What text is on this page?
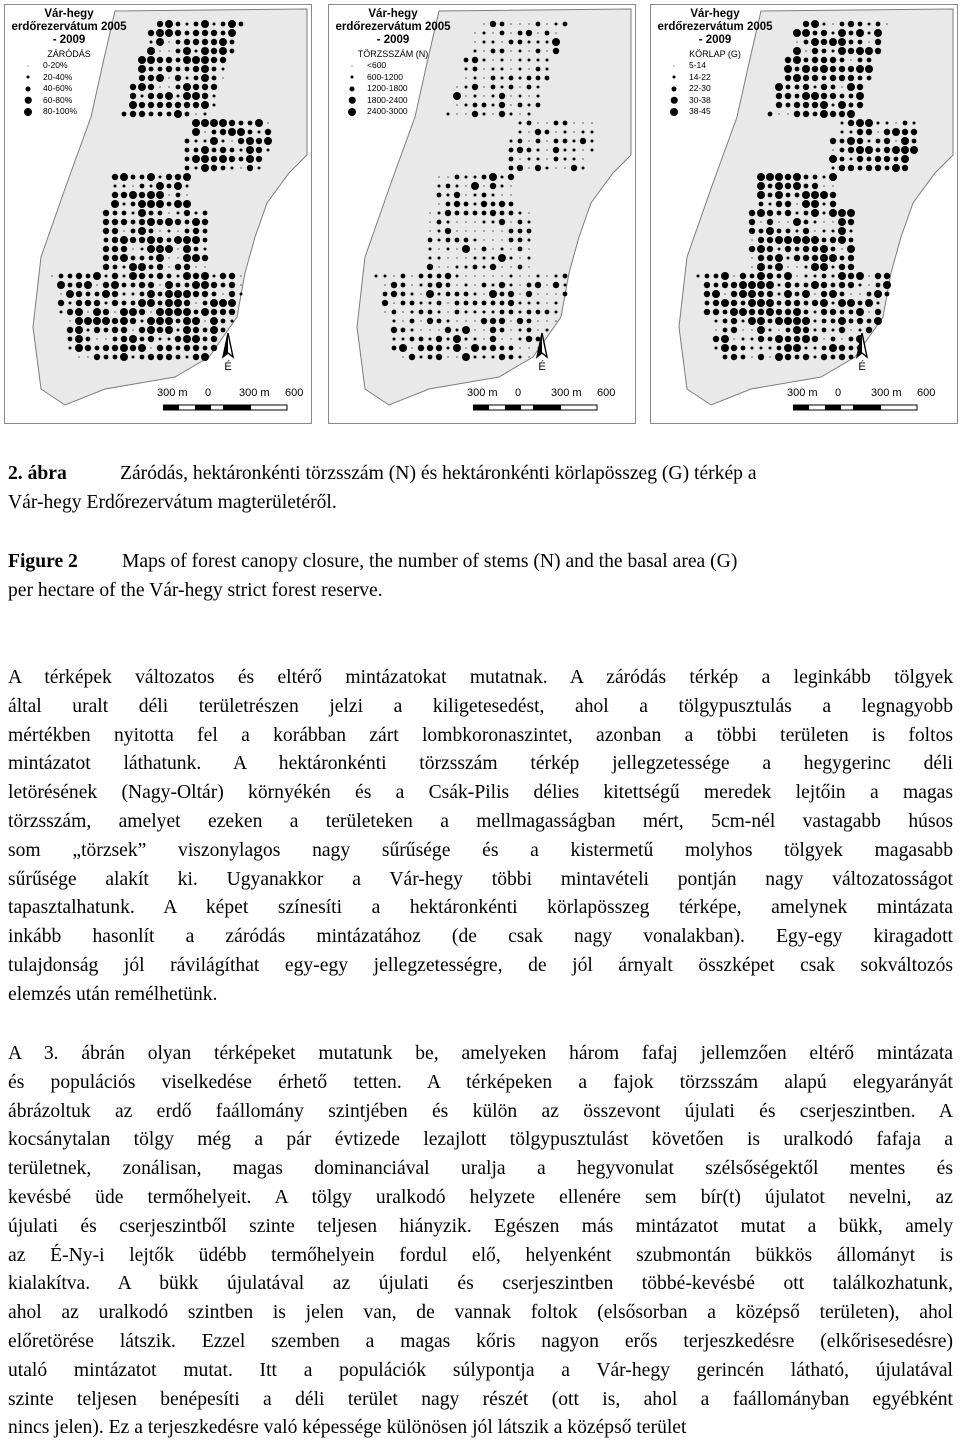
Vár-hegy erdőrezervátum 2005 - 2009
ZÁRÓDÁS
0-20%
20-40%
40-60%
60-80%
80-100%
É
300 m 0	300 m 600
Vár-hegy erdőrezervátum 2005 - 2009
TÖRZSSZÁM (N)
<600
600-1200
1200-1800
1800-2400
2400-3000
É
300 m 0	300 m 600
Vár-hegy erdőrezervátum 2005 - 2009
KÖRLAP (G)
5-14
14-22
22-30
30-38
38-45
É
300 m 0	300 m 600
2. ábra	Záródás, hektáronkénti törzsszám (N) és hektáronkénti körlapösszeg (G) térkép a
Vár-hegy Erdőrezervátum magterületéről.
Figure 2 Maps of forest canopy closure, the number of stems (N) and the basal area (G)
per hectare of the Vár-hegy strict forest reserve.
A térképek változatos és eltérő mintázatokat mutatnak. A záródás térkép a leginkább tölgyek
által uralt déli területrészen jelzi a kiligetesedést, ahol a tölgypusztulás a legnagyobb
mértékben nyitotta fel a korábban zárt lombkoronaszintet, azonban a többi területen is foltos
mintázatot láthatunk. A hektáronkénti törzsszám térkép jellegzetessége a hegygerinc déli
letörésének (Nagy-Oltár) környékén és a Csák-Pilis délies kitettségű meredek lejtőin a magas
törzsszám, amelyet ezeken a területeken a mellmagasságban mért, 5cm-nél vastagabb húsos
som „törzsek” viszonylagos nagy sűrűsége és a kistermetű molyhos tölgyek magasabb
sűrűsége alakít ki. Ugyanakkor a Vár-hegy többi mintavételi pontján nagy változatosságot
tapasztalhatunk. A képet színesíti a hektáronkénti körlapösszeg térképe, amelynek mintázata
inkább hasonlít a záródás mintázatához (de csak nagy vonalakban). Egy-egy kiragadott
tulajdonság jól rávilágíthat egy-egy jellegzetességre, de jól árnyalt összképet csak sokváltozós
elemzés után remélhetünk.
A 3. ábrán olyan térképeket mutatunk be, amelyeken három fafaj jellemzően eltérő mintázata
és populációs viselkedése érhető tetten. A térképeken a fajok törzsszám alapú elegyarányát
ábrázoltuk az erdő faállomány szintjében és külön az összevont újulati és cserjeszintben. A
kocsánytalan tölgy még a pár évtizede lezajlott tölgypusztulást követően is uralkodó fafaja a
területnek, zonálisan, magas dominanciával uralja a hegyvonulat szélsőségektől mentes és
kevésbé üde termőhelyeit. A tölgy uralkodó helyzete ellenére sem bír(t) újulatot nevelni, az
újulati és cserjeszintből szinte teljesen hiányzik. Egészen más mintázatot mutat a bükk, amely
az É-Ny-i lejtők üdébb termőhelyein fordul elő, helyenként szubmontán bükkös állományt is
kialakítva. A bükk újulatával az újulati és cserjeszintben többé-kevésbé ott találkozhatunk,
ahol az uralkodó szintben is jelen van, de vannak foltok (elsősorban a középső területen), ahol
előretörése látszik. Ezzel szemben a magas kőris nagyon erős terjeszkedésre (elkőrisesedésre)
utaló mintázatot mutat. Itt a populációk súlypontja a Vár-hegy gerincén látható, újulatával
szinte teljesen benépesíti a déli terület nagy részét (ott is, ahol a faállományban egyébként
nincs jelen). Ez a terjeszkedésre való képessége különösen jól látszik a középső terület
